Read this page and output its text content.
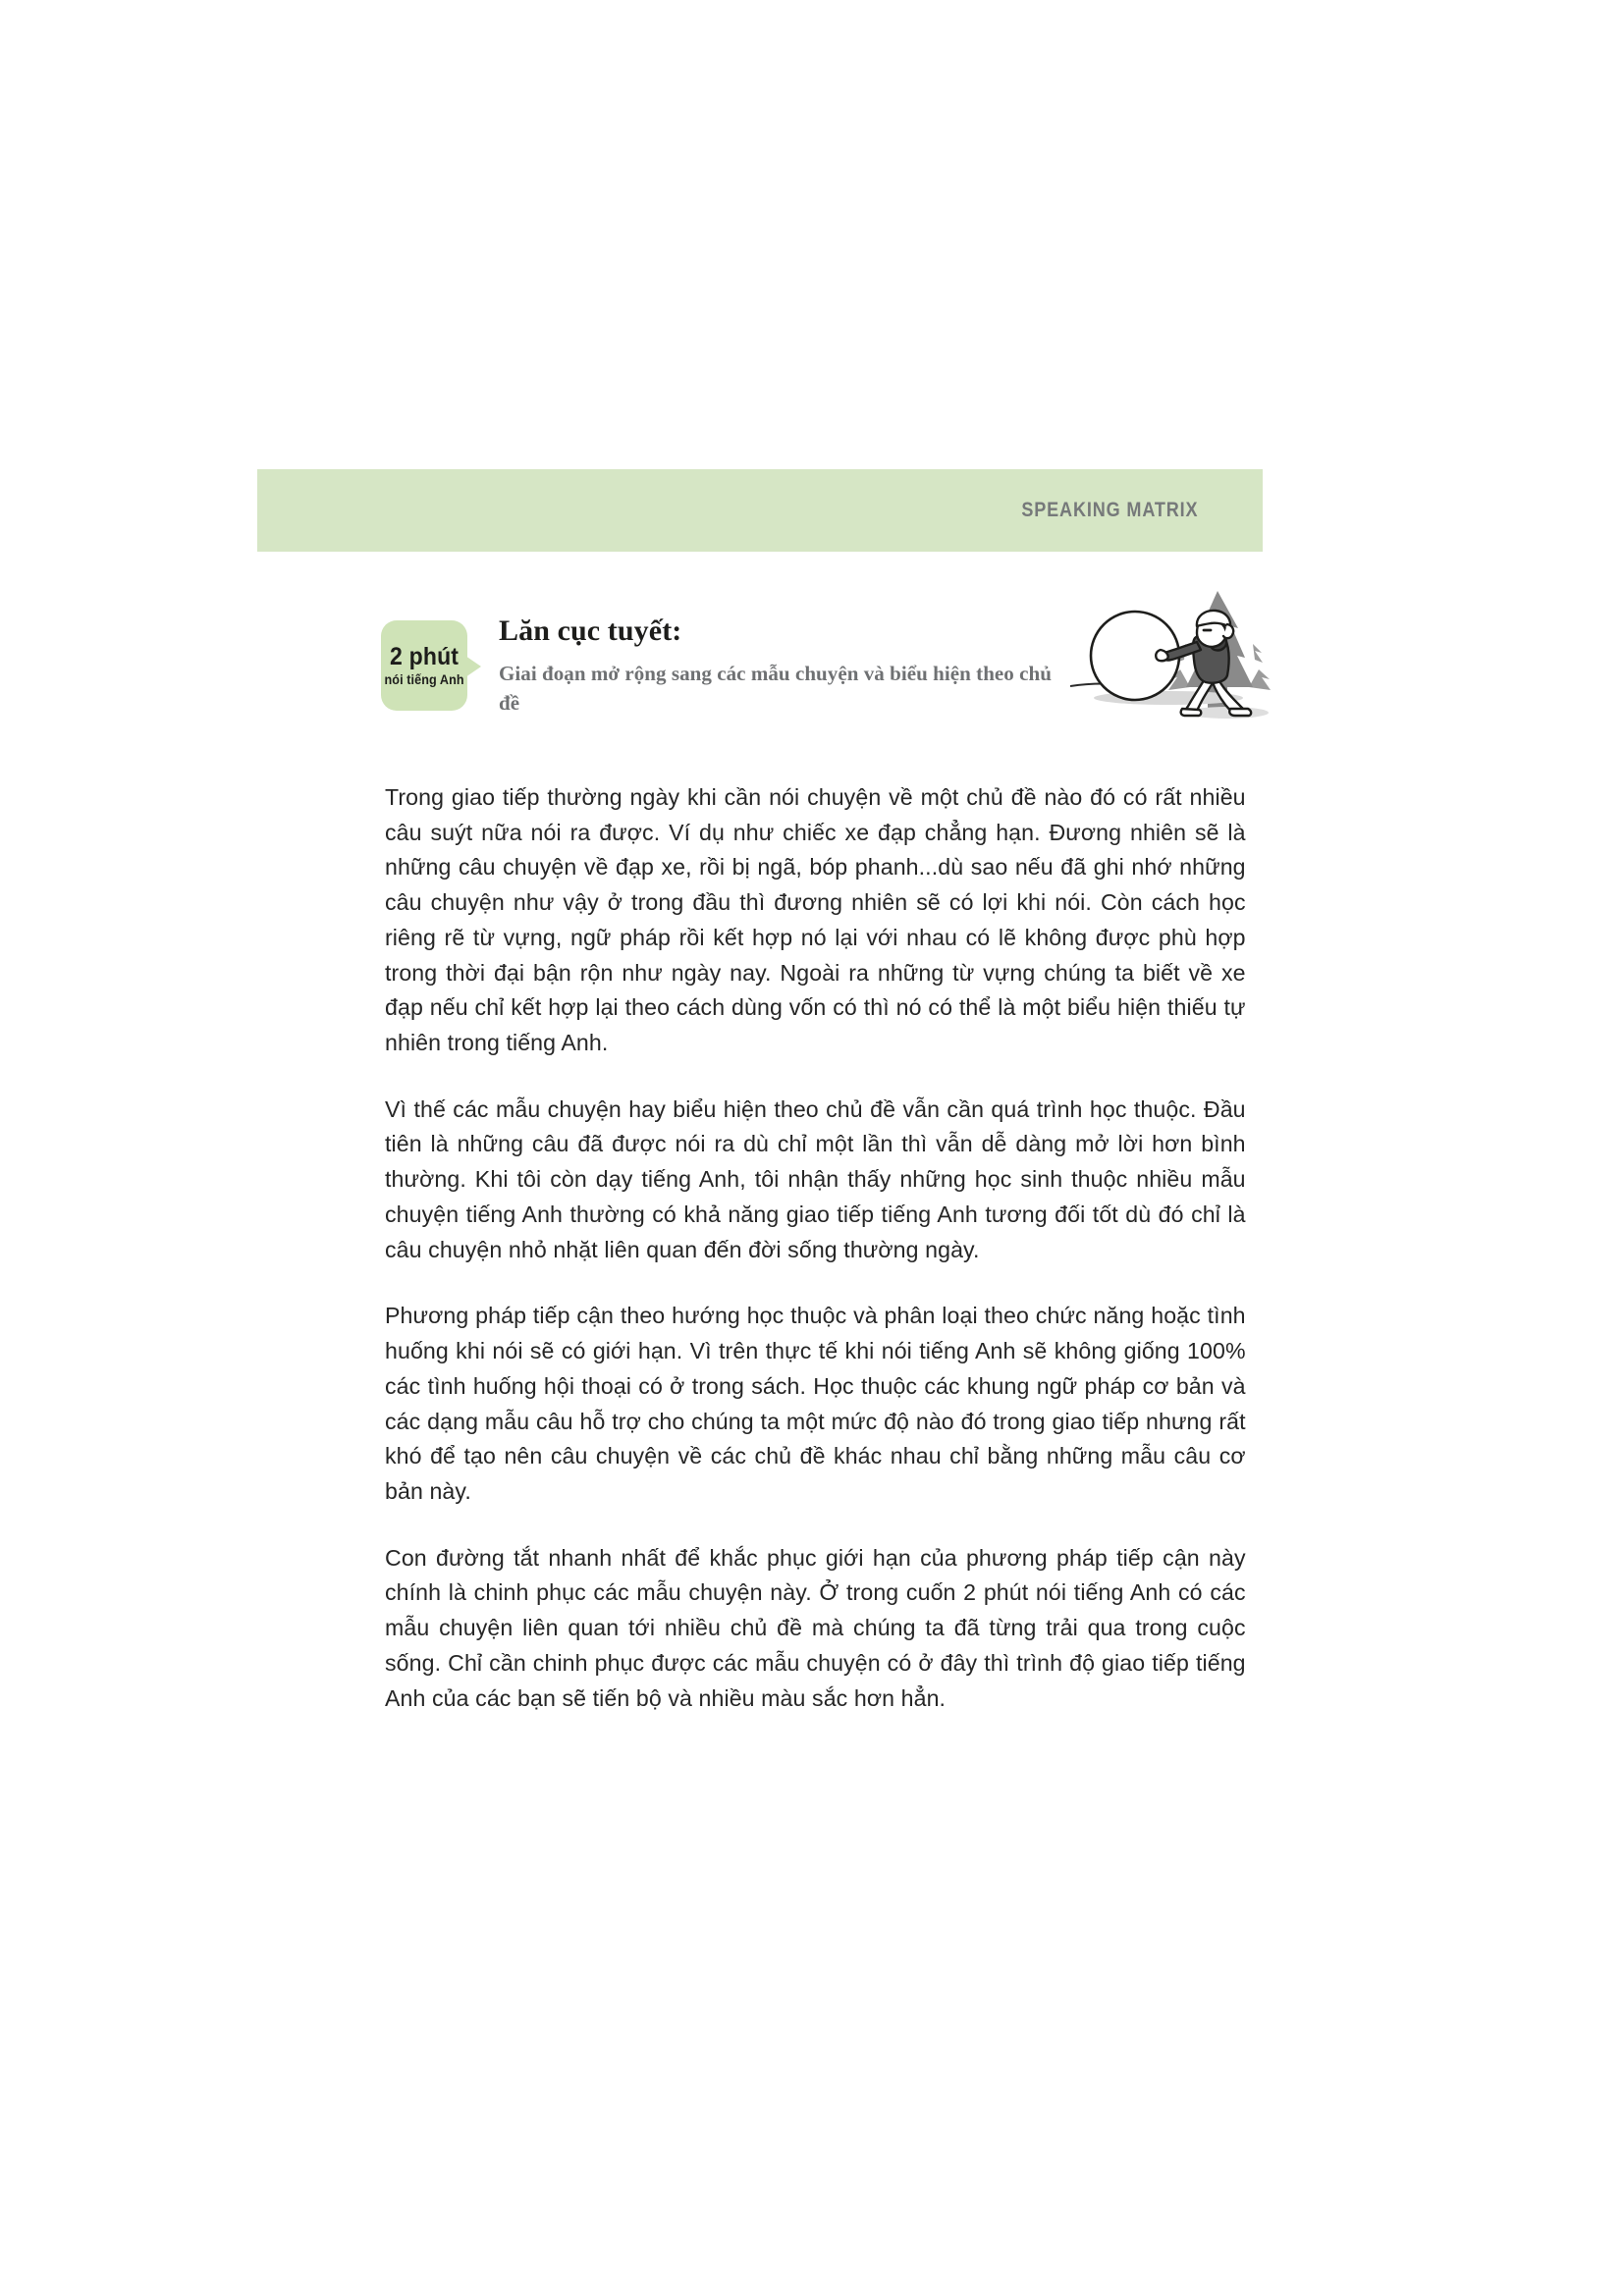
SPEAKING MATRIX
2 phút
nói tiếng Anh
Lăn cục tuyết:

Giai đoạn mở rộng sang các mẫu chuyện và biểu hiện theo chủ đề

Trong giao tiếp thường ngày khi cần nói chuyện về một chủ đề nào đó có rất nhiều câu suýt nữa nói ra được. Ví dụ như chiếc xe đạp chẳng hạn. Đương nhiên sẽ là những câu chuyện về đạp xe, rồi bị ngã, bóp phanh...dù sao nếu đã ghi nhớ những câu chuyện như vậy ở trong đầu thì đương nhiên sẽ có lợi khi nói. Còn cách học riêng rẽ từ vựng, ngữ pháp rồi kết hợp nó lại với nhau có lẽ không được phù hợp trong thời đại bận rộn như ngày nay. Ngoài ra những từ vựng chúng ta biết về xe đạp nếu chỉ kết hợp lại theo cách dùng vốn có thì nó có thể là một biểu hiện thiếu tự nhiên trong tiếng Anh.

Vì thế các mẫu chuyện hay biểu hiện theo chủ đề vẫn cần quá trình học thuộc. Đầu tiên là những câu đã được nói ra dù chỉ một lần thì vẫn dễ dàng mở lời hơn bình thường. Khi tôi còn dạy tiếng Anh, tôi nhận thấy những học sinh thuộc nhiều mẫu chuyện tiếng Anh thường có khả năng giao tiếp tiếng Anh tương đối tốt dù đó chỉ là câu chuyện nhỏ nhặt liên quan đến đời sống thường ngày.

Phương pháp tiếp cận theo hướng học thuộc và phân loại theo chức năng hoặc tình huống khi nói sẽ có giới hạn. Vì trên thực tế khi nói tiếng Anh sẽ không giống 100% các tình huống hội thoại có ở trong sách. Học thuộc các khung ngữ pháp cơ bản và các dạng mẫu câu hỗ trợ cho chúng ta một mức độ nào đó trong giao tiếp nhưng rất khó để tạo nên câu chuyện về các chủ đề khác nhau chỉ bằng những mẫu câu cơ bản này.

Con đường tắt nhanh nhất để khắc phục giới hạn của phương pháp tiếp cận này chính là chinh phục các mẫu chuyện này. Ở trong cuốn 2 phút nói tiếng Anh có các mẫu chuyện liên quan tới nhiều chủ đề mà chúng ta đã từng trải qua trong cuộc sống. Chỉ cần chinh phục được các mẫu chuyện có ở đây thì trình độ giao tiếp tiếng Anh của các bạn sẽ tiến bộ và nhiều màu sắc hơn hẳn.
